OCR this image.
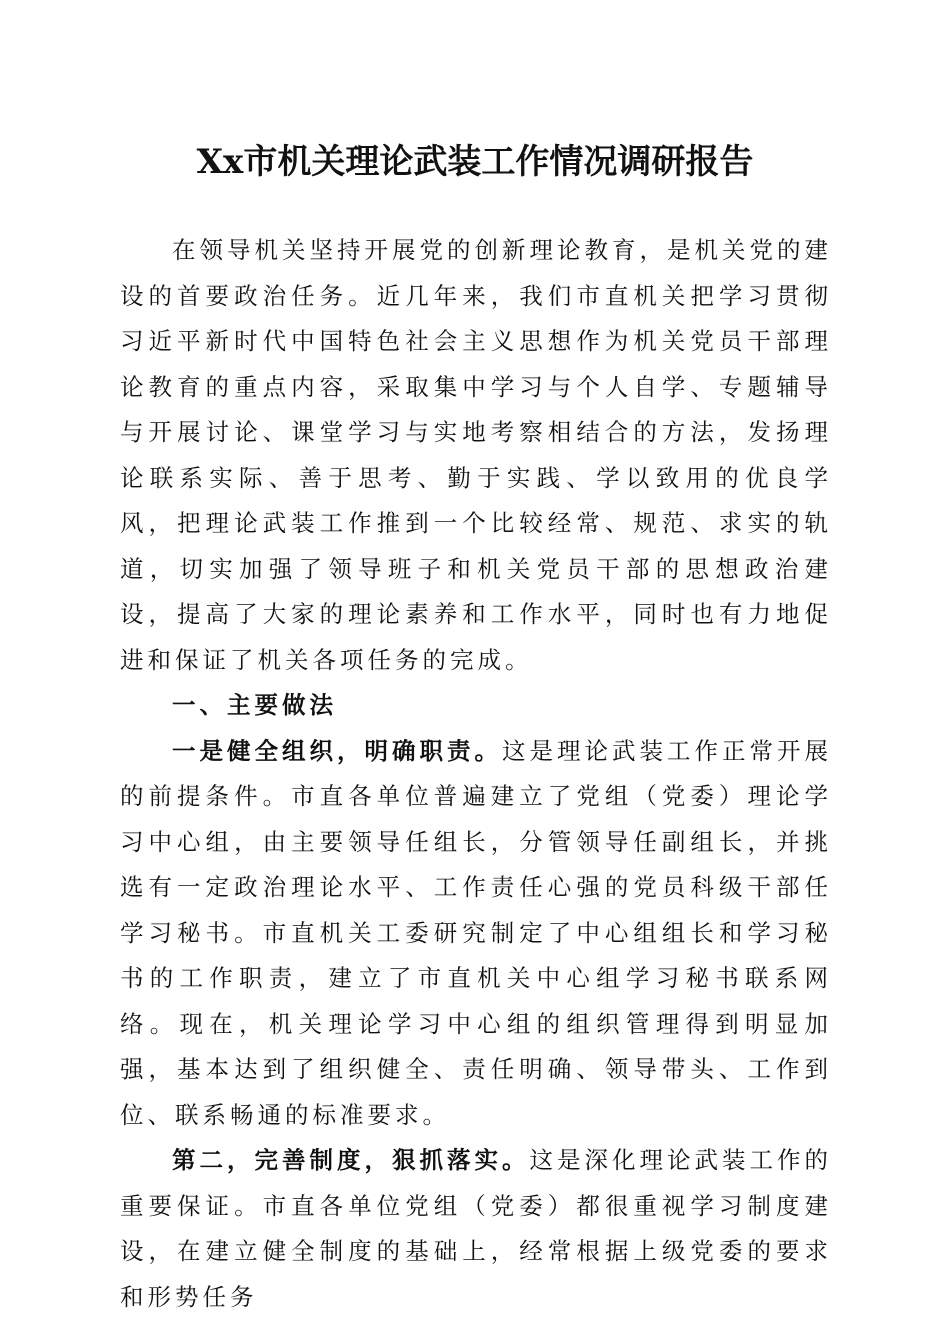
Xx市机关理论武装工作情况调研报告

在领导机关坚持开展党的创新理论教育，是机关党的建设的首要政治任务。近几年来，我们市直机关把学习贯彻习近平新时代中国特色社会主义思想作为机关党员干部理论教育的重点内容，采取集中学习与个人自学、专题辅导与开展讨论、课堂学习与实地考察相结合的方法，发扬理论联系实际、善于思考、勤于实践、学以致用的优良学风，把理论武装工作推到一个比较经常、规范、求实的轨道，切实加强了领导班子和机关党员干部的思想政治建设，提高了大家的理论素养和工作水平，同时也有力地促进和保证了机关各项任务的完成。

一、主要做法

一是健全组织，明确职责。这是理论武装工作正常开展的前提条件。市直各单位普遍建立了党组（党委）理论学习中心组，由主要领导任组长，分管领导任副组长，并挑选有一定政治理论水平、工作责任心强的党员科级干部任学习秘书。市直机关工委研究制定了中心组组长和学习秘书的工作职责，建立了市直机关中心组学习秘书联系网络。现在，机关理论学习中心组的组织管理得到明显加强，基本达到了组织健全、责任明确、领导带头、工作到位、联系畅通的标准要求。

第二，完善制度，狠抓落实。这是深化理论武装工作的重要保证。市直各单位党组（党委）都很重视学习制度建设，在建立健全制度的基础上，经常根据上级党委的要求和形势任务
